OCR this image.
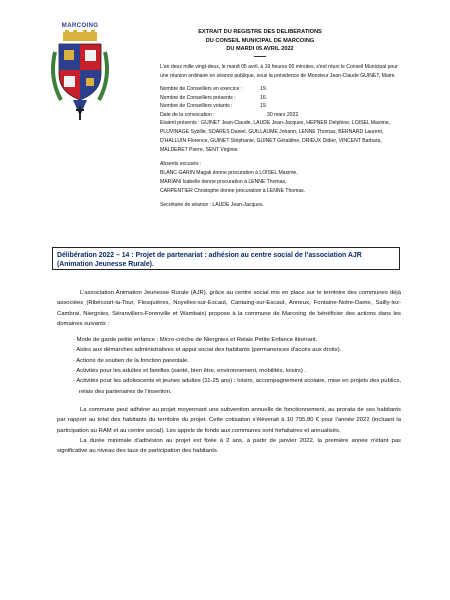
MARCOING
EXTRAIT DU REGISTRE DES DELIBERATIONS
DU CONSEIL MUNICIPAL DE MARCOING
DU MARDI 05 AVRIL 2022

L'an deux mille vingt-deux, le mardi 05 avril, à 19 heures 00 minutes, s'est réuni le Conseil Municipal pour une réunion ordinaire en séance publique, sous la présidence de Monsieur Jean-Claude GUINET, Maire.

Nombre de Conseillers en exercice :	19.
Nombre de Conseillers présents :	16.
Nombre de Conseillers votants :	19.
Date de la convocation :	30 mars 2022.

Etaient présents : GUINET Jean-Claude, LAUDE Jean-Jacques, HEPNER Delphine, LOISEL Maxime, PLUVINAGE Sybille, SOARES Daniel, GUILLAUME Johann, LENNE Thomas, BERNARD Laurent, D'HALLUIN Florence, GUINET Stéphanie, GUINET Géraldine, DRIEUX Didier, VINCENT Barbara, MALDERET Pierre, SENT Virginie.

Absents excusés :

BLANC-GARIN Magali donne procuration à LOISEL Maxime,

MARIANI Isabelle donne procuration à LENNE Thomas,

CARPENTIER Christophe donne procuration à LENNE Thomas.

Secrétaire de séance : LAUDE Jean-Jacques.

Délibération 2022 – 14 : Projet de partenariat : adhésion au centre social de l'association AJR (Animation Jeunesse Rurale).

L'association Animation Jeunesse Rurale (AJR), grâce au centre social mis en place sur le territoire des communes déjà associées (Ribécourt-la-Tour, Flesquières, Noyelles-sur-Escaut, Cantaing-sur-Escaut, Anneux, Fontaine-Notre-Dame, Sailly-lez-Cambrai, Niergnies, Séranvillers-Forenville et Wambaix) propose à la commune de Marcoing de bénéficier des actions dans les domaines suivants :

· Mode de garde petite enfance : Micro-crèche de Niergnies et Relais Petite Enfance itinérant.

· Aides aux démarches administratives et appui social des habitants (permanences d'accès aux droits).

· Actions de soutien de la fonction parentale.

· Activités pour les adultes et familles (santé, bien être, environnement, mobilités, loisirs) .

· Activités pour les adolescents et jeunes adultes (11-25 ans) : loisirs, accompagnement scolaire, mise en projets des publics, relais des partenaires de l'insertion.

La commune peut adhérer au projet moyennant une subvention annuelle de fonctionnement, au prorata de ses habitants par rapport au total des habitants du territoire du projet. Cette cotisation s'élèverait à 10 795,80 € pour l'année 2022 (incluant la participation au RAM et au centre social). Les appels de fonds aux communes sont forfaitaires et annualisés.

La durée minimale d'adhésion au projet est fixée à 2 ans, à partir de janvier 2022, la première année n'étant pas significative au niveau des taux de participation des habitants.
